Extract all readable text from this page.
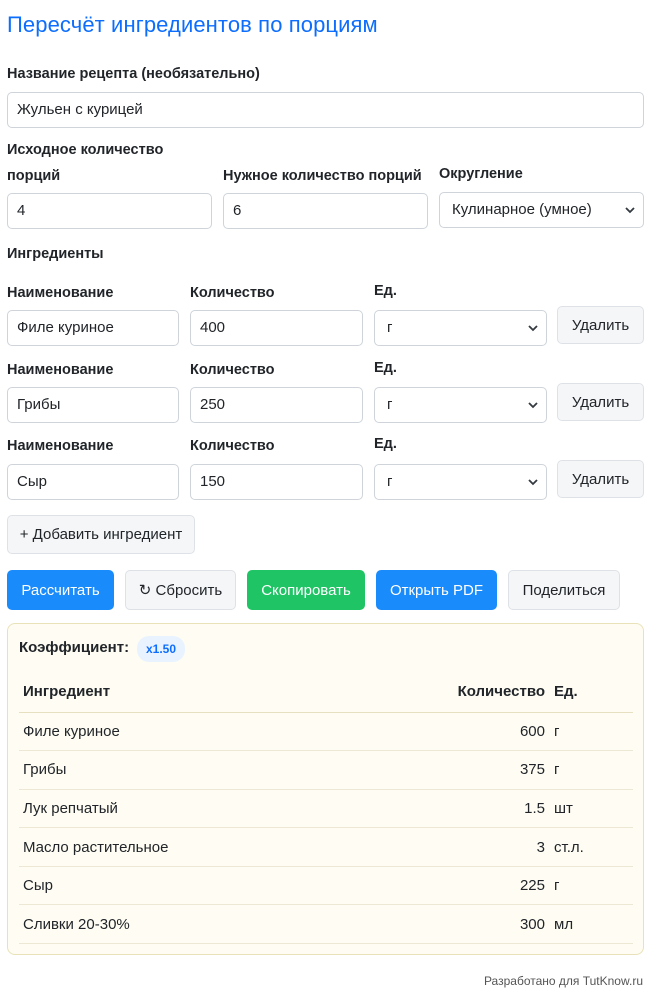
Пересчёт ингредиентов по порциям
Название рецепта (необязательно)
Жульен с курицей
Исходное количество
порций
4
Нужное количество порций
6
Округление
Кулинарное (умное)
Ингредиенты
Наименование	Количество	Ед.
Филе куриное	400	г	Удалить
Наименование	Количество	Ед.
Грибы	250	г	Удалить
Наименование	Количество	Ед.
Сыр	150	г	Удалить
+ Добавить ингредиент
Рассчитать	↻ Сбросить	Скопировать	Открыть PDF	Поделиться
Коэффициент:	x1.50
Ингредиент	Количество	Ед.
Филе куриное	600	г
Грибы	375	г
Лук репчатый	1.5	шт
Масло растительное	3	ст.л.
Сыр	225	г
Сливки 20-30%	300	мл
Разработано для TutKnow.ru
